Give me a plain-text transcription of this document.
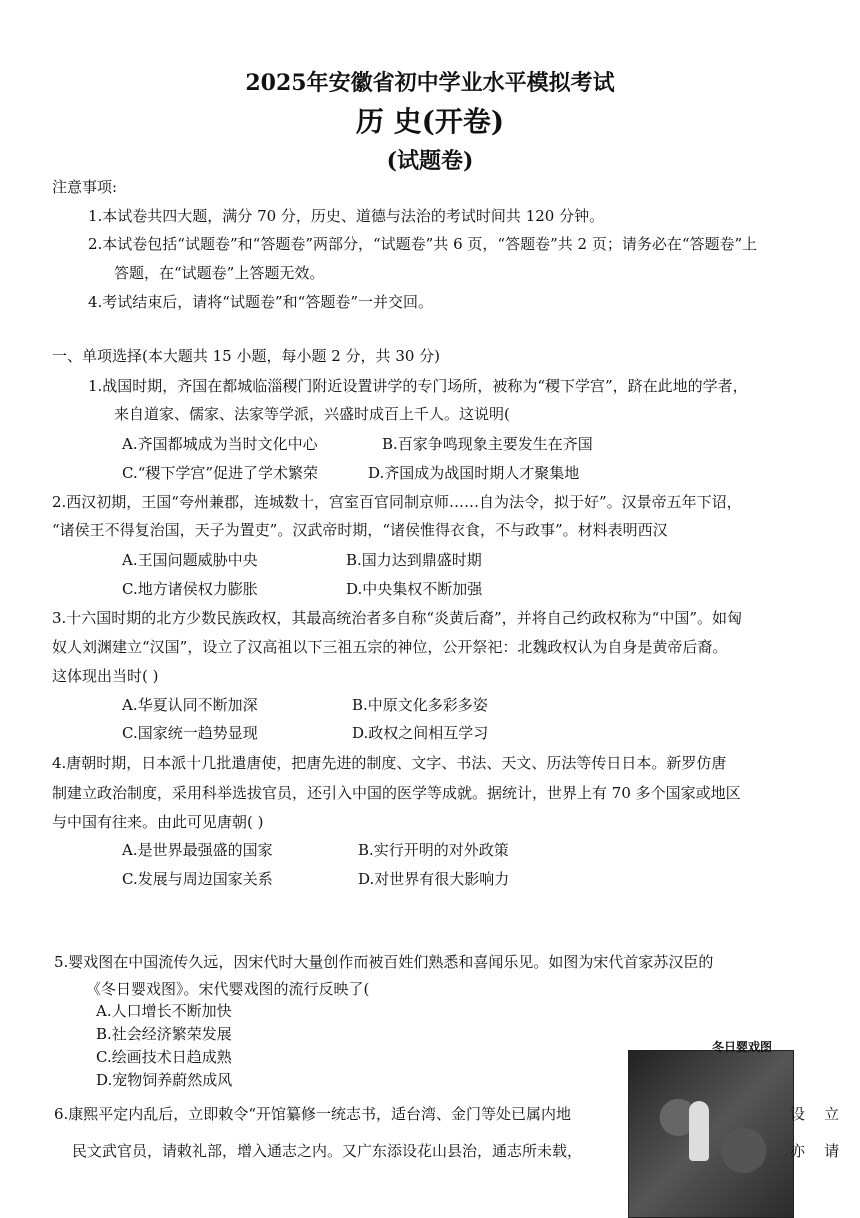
2025年安徽省初中学业水平模拟考试
历 史(开卷)
(试题卷)
注意事项:
1.本试卷共四大题，满分 70 分，历史、道德与法治的考试时间共 120 分钟。
2.本试卷包括“试题卷”和“答题卷”两部分，“试题卷”共 6 页，“答题卷”共 2 页；请务必在“答题卷”上
答题，在“试题卷”上答题无效。
4.考试结束后，请将“试题卷”和“答题卷”一并交回。
一、单项选择(本大题共 15 小题，每小题 2 分，共 30 分)
1.战国时期，齐国在都城临淄稷门附近设置讲学的专门场所，被称为“稷下学宫”，跻在此地的学者，
来自道家、儒家、法家等学派，兴盛时成百上千人。这说明(
A.齐国都城成为当时文化中心	B.百家争鸣现象主要发生在齐国
C.“稷下学宫”促进了学术繁荣	D.齐国成为战国时期人才聚集地
2.西汉初期，王国“夸州兼郡，连城数十，宫室百官同制京师……自为法令，拟于好”。汉景帝五年下诏，
“诸侯王不得复治国，天子为置吏”。汉武帝时期，“诸侯惟得衣食，不与政事”。材料表明西汉
A.王国问题威胁中央	B.国力达到鼎盛时期
C.地方诸侯权力膨胀	D.中央集权不断加强
3.十六国时期的北方少数民族政权，其最高统治者多自称“炎黄后裔”，并将自己约政权称为“中国”。如匈
奴人刘渊建立“汉国”，设立了汉高祖以下三祖五宗的神位，公开祭祀：北魏政权认为自身是黄帝后裔。
这体现出当时( )
A.华夏认同不断加深	B.中原文化多彩多姿
C.国家统一趋势显现	D.政权之间相互学习
4.唐朝时期，日本派十几批遣唐使，把唐先进的制度、文字、书法、天文、历法等传日日本。新罗仿唐
制建立政治制度，采用科举选拔官员，还引入中国的医学等成就。据统计，世界上有 70 多个国家或地区
与中国有往来。由此可见唐朝( )
A.是世界最强盛的国家	B.实行开明的对外政策
C.发展与周边国家关系	D.对世界有很大影响力
5.婴戏图在中国流传久远，因宋代时大量创作而被百姓们熟悉和喜闻乐见。如图为宋代首家苏汉臣的
《冬日婴戏图》。宋代婴戏图的流行反映了(
A.人口增长不断加快
B.社会经济繁荣发展
C.绘画技术日趋成熟
D.宠物饲养蔚然成风
冬日婴戏图
6.康熙平定内乱后，立即敕令“开馆纂修一统志书，适台湾、金门等处已属内地	设    立
民文武官员，请敕礼部，增入通志之内。又广东添设花山县治，通志所未载，	亦    请
